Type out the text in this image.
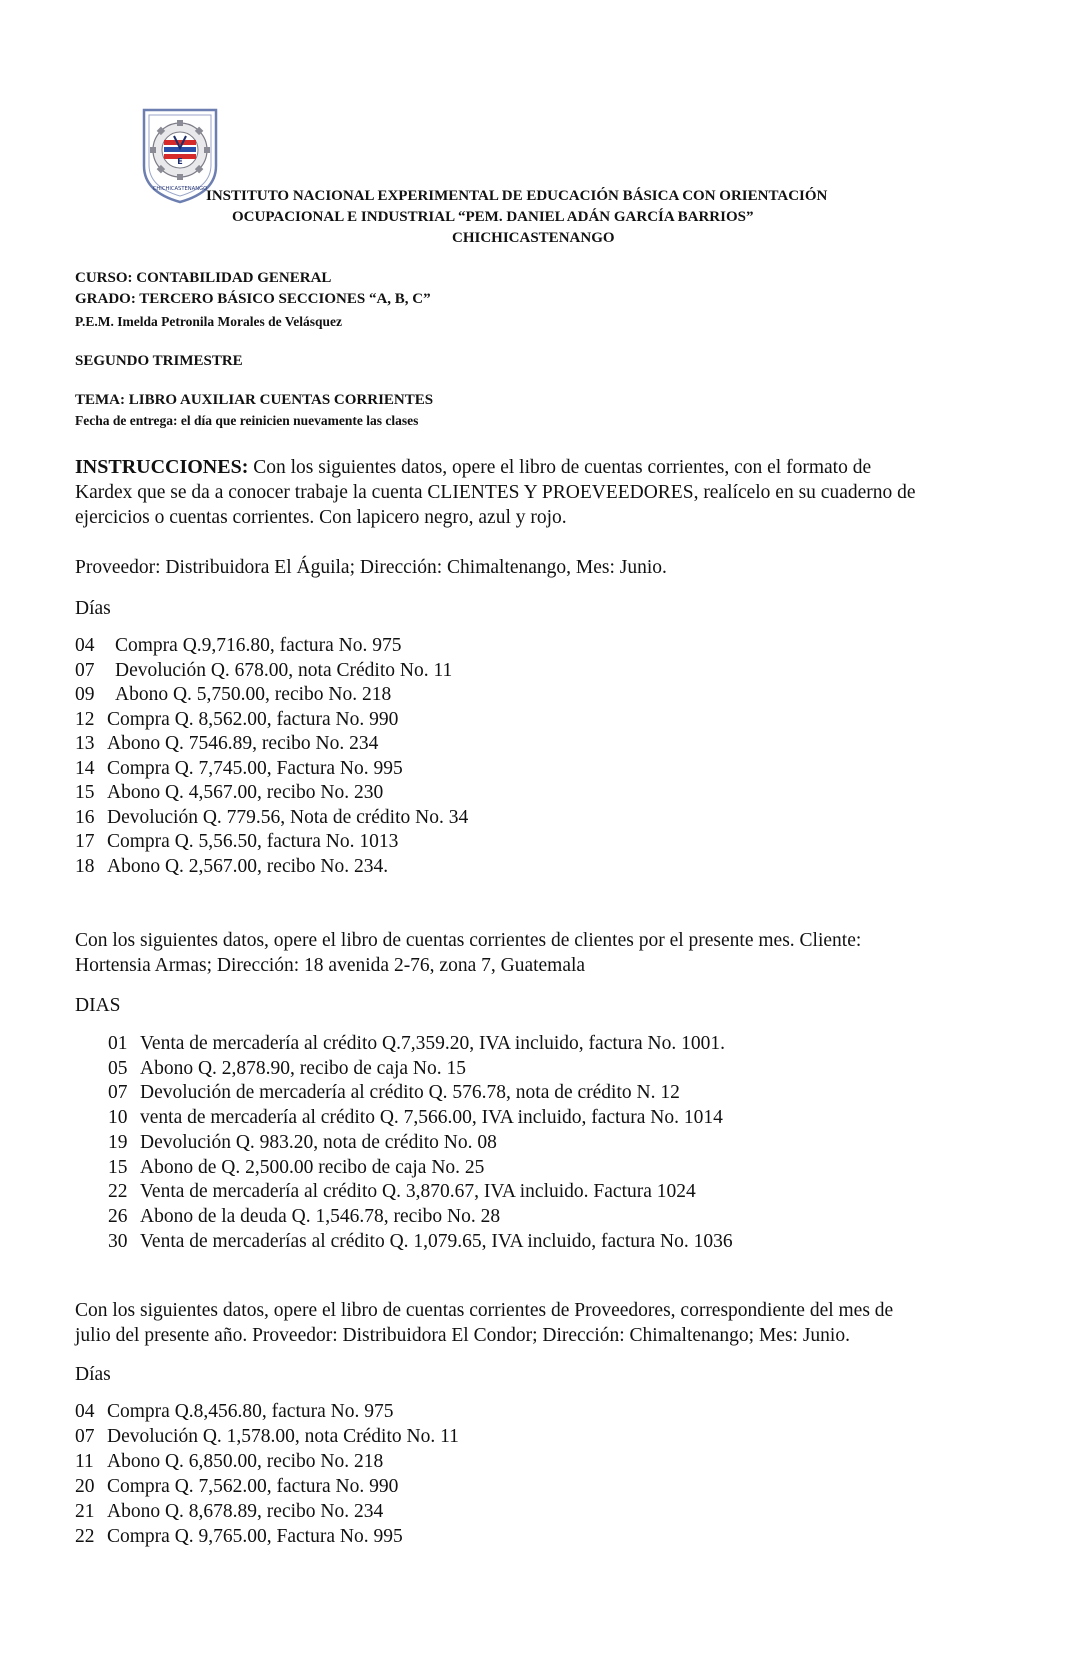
E
CHICHICASTENANGO
INSTITUTO NACIONAL EXPERIMENTAL DE EDUCACIÓN BÁSICA CON ORIENTACIÓN
OCUPACIONAL E INDUSTRIAL “PEM. DANIEL ADÁN GARCÍA BARRIOS”
CHICHICASTENANGO
CURSO: CONTABILIDAD GENERAL
GRADO: TERCERO BÁSICO SECCIONES “A, B, C”
P.E.M. Imelda Petronila Morales de Velásquez
SEGUNDO TRIMESTRE
TEMA: LIBRO AUXILIAR CUENTAS CORRIENTES
Fecha de entrega: el día que reinicien nuevamente las clases
INSTRUCCIONES: Con los siguientes datos, opere el libro de cuentas corrientes, con el formato de
Kardex que se da a conocer trabaje la cuenta CLIENTES Y PROEVEEDORES, realícelo en su cuaderno de
ejercicios o cuentas corrientes. Con lapicero negro, azul y rojo.
Proveedor: Distribuidora El Águila; Dirección: Chimaltenango, Mes: Junio.
Días
04 Compra Q.9,716.80, factura No. 975
07 Devolución Q. 678.00, nota Crédito No. 11
09 Abono Q. 5,750.00, recibo No. 218
12 Compra Q. 8,562.00, factura No. 990
13 Abono Q. 7546.89, recibo No. 234
14 Compra Q. 7,745.00, Factura No. 995
15 Abono Q. 4,567.00, recibo No. 230
16 Devolución Q. 779.56, Nota de crédito No. 34
17 Compra Q. 5,56.50, factura No. 1013
18 Abono Q. 2,567.00, recibo No. 234.
Con los siguientes datos, opere el libro de cuentas corrientes de clientes por el presente mes. Cliente:
Hortensia Armas; Dirección: 18 avenida 2-76, zona 7, Guatemala
DIAS
01 Venta de mercadería al crédito Q.7,359.20, IVA incluido, factura No. 1001.
05 Abono Q. 2,878.90, recibo de caja No. 15
07 Devolución de mercadería al crédito Q. 576.78, nota de crédito N. 12
10 venta de mercadería al crédito Q. 7,566.00, IVA incluido, factura No. 1014
19 Devolución Q. 983.20, nota de crédito No. 08
15 Abono de Q. 2,500.00 recibo de caja No. 25
22 Venta de mercadería al crédito Q. 3,870.67, IVA incluido. Factura 1024
26 Abono de la deuda Q. 1,546.78, recibo No. 28
30 Venta de mercaderías al crédito Q. 1,079.65, IVA incluido, factura No. 1036
Con los siguientes datos, opere el libro de cuentas corrientes de Proveedores, correspondiente del mes de
julio del presente año. Proveedor: Distribuidora El Condor; Dirección: Chimaltenango; Mes: Junio.
Días
04 Compra Q.8,456.80, factura No. 975
07 Devolución Q. 1,578.00, nota Crédito No. 11
11 Abono Q. 6,850.00, recibo No. 218
20 Compra Q. 7,562.00, factura No. 990
21 Abono Q. 8,678.89, recibo No. 234
22 Compra Q. 9,765.00, Factura No. 995
